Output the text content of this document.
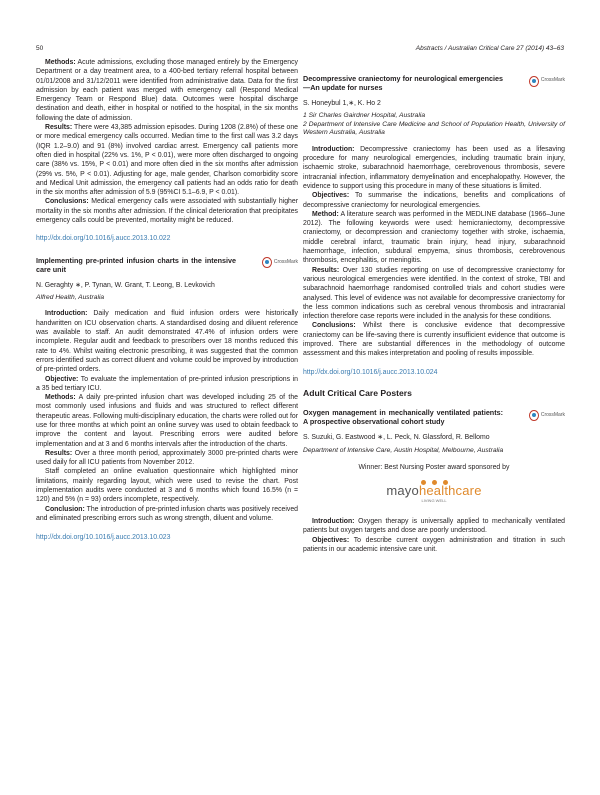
50	Abstracts / Australian Critical Care 27 (2014) 43–63

Methods: Acute admissions, excluding those managed entirely by the Emergency Department or a day treatment area, to a 400-bed tertiary referral hospital between 01/01/2008 and 31/12/2011 were identified from administrative data. Data for the first admission by each patient was merged with emergency call (Respond Medical Emergency Team or Respond Blue) data. Outcomes were hospital discharge destination and death, either in hospital or notified to the hospital, in the six months following the date of admission.

Results: There were 43,385 admission episodes. During 1208 (2.8%) of these one or more medical emergency calls occurred. Median time to the first call was 3.2 days (IQR 1.2–9.0) and 91 (8%) involved cardiac arrest. Emergency call patients more often died in hospital (22% vs. 1%, P < 0.01), were more often discharged to ongoing care (38% vs. 15%, P < 0.01) and more often died in the six months after admission (29% vs. 5%, P < 0.01). Adjusting for age, male gender, Charlson comorbidity score and Medical Unit admission, the emergency call patients had an odds ratio for death in the six months after admission of 5.9 (95%CI 5.1–6.9, P < 0.01).

Conclusions: Medical emergency calls were associated with substantially higher mortality in the six months after admission. If the clinical deterioration that precipitates emergency calls could be prevented, mortality might be reduced.

http://dx.doi.org/10.1016/j.aucc.2013.10.022
Implementing pre-printed infusion charts in the intensive care unit
CrossMark
N. Geraghty ∗, P. Tynan, W. Grant, T. Leong, B. Levkovich
Alfred Health, Australia

Introduction: Daily medication and fluid infusion orders were historically handwritten on ICU observation charts. A standardised dosing and diluent reference was available to staff. An audit demonstrated 47.4% of infusion orders were incomplete. Regular audit and feedback to prescribers over 18 months reduced this rate to 4%. Whilst waiting electronic prescribing, it was suggested that the common errors identified such as correct diluent and volume could be improved by introduction of pre-printed orders.

Objective: To evaluate the implementation of pre-printed infusion prescriptions in a 35 bed tertiary ICU.

Methods: A daily pre-printed infusion chart was developed including 25 of the most commonly used infusions and fluids and was structured to reflect different therapeutic areas. Following multi-disciplinary education, the charts were rolled out for use for three months at which point an online survey was used to obtain feedback to improve the content and layout. Prescribing errors were audited before implementation and at 3 and 6 months intervals after the introduction of the charts.

Results: Over a three month period, approximately 3000 pre-printed charts were used daily for all ICU patients from November 2012.

Staff completed an online evaluation questionnaire which highlighted minor limitations, mainly regarding layout, which were used to revise the chart. Post implementation audits were conducted at 3 and 6 months which found 16.5% (n = 120) and 5% (n = 93) orders incomplete, respectively.

Conclusion: The introduction of pre-printed infusion charts was positively received and eliminated prescribing errors such as wrong strength, diluent and volume.

http://dx.doi.org/10.1016/j.aucc.2013.10.023
Decompressive craniectomy for neurological emergencies—An update for nurses
CrossMark
S. Honeybul 1,∗, K. Ho 2
1 Sir Charles Gairdner Hospital, Australia
2 Department of Intensive Care Medicine and School of Population Health, University of Western Australia, Australia

Introduction: Decompressive craniectomy has been used as a lifesaving procedure for many neurological emergencies, including traumatic brain injury, ischaemic stroke, subarachnoid haemorrhage, cerebrovenous thrombosis, severe intracranial infection, inflammatory demyelination and encephalopathy. However, the evidence to support using this procedure in many of these situations is limited.

Objectives: To summarise the indications, benefits and complications of decompressive craniectomy for neurological emergencies.

Method: A literature search was performed in the MEDLINE database (1966–June 2012). The following keywords were used: hemicraniectomy, decompressive craniectomy, or decompression and craniectomy together with stroke, ischaemia, middle cerebral infarct, traumatic brain injury, head injury, subarachnoid haemorrhage, infection, subdural empyema, sinus thrombosis, cerebrovenous thrombosis, encephalitis, or meningitis.

Results: Over 130 studies reporting on use of decompressive craniectomy for various neurological emergencies were identified. In the context of stroke, TBI and subarachnoid haemorrhage randomised controlled trials and cohort studies were analysed. This level of evidence was not available for decompressive craniectomy for the less common indications such as cerebral venous thrombosis and intracranial infection therefore case reports were included in the analysis for these conditions.

Conclusions: Whilst there is conclusive evidence that decompressive craniectomy can be life-saving there is currently insufficient evidence that outcome is improved. There are substantial differences in the methodology of outcome assessment and this makes interpretation and pooling of results impossible.

http://dx.doi.org/10.1016/j.aucc.2013.10.024
Adult Critical Care Posters
Oxygen management in mechanically ventilated patients: A prospective observational cohort study
CrossMark
S. Suzuki, G. Eastwood ∗, L. Peck, N. Glassford, R. Bellomo
Department of Intensive Care, Austin Hospital, Melbourne, Australia
Winner: Best Nursing Poster award sponsored by
mayohealthcare
LIVING WELL

Introduction: Oxygen therapy is universally applied to mechanically ventilated patients but oxygen targets and dose are poorly understood.

Objectives: To describe current oxygen administration and titration in such patients in our academic intensive care unit.
